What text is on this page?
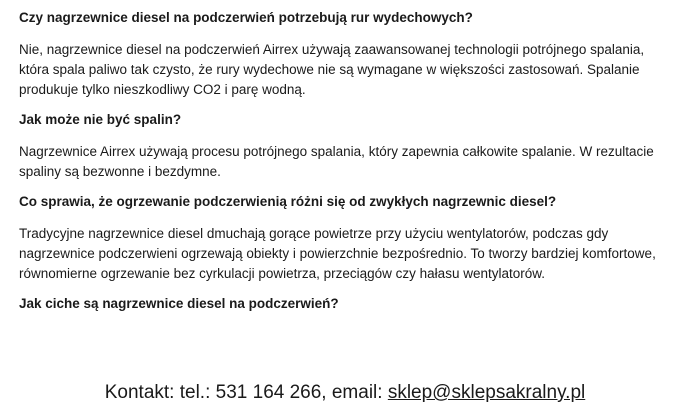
Czy nagrzewnice diesel na podczerwień potrzebują rur wydechowych?
Nie, nagrzewnice diesel na podczerwień Airrex używają zaawansowanej technologii potrójnego spalania, która spala paliwo tak czysto, że rury wydechowe nie są wymagane w większości zastosowań. Spalanie produkuje tylko nieszkodliwy CO2 i parę wodną.
Jak może nie być spalin?
Nagrzewnice Airrex używają procesu potrójnego spalania, który zapewnia całkowite spalanie. W rezultacie spaliny są bezwonne i bezdymne.
Co sprawia, że ogrzewanie podczerwienią różni się od zwykłych nagrzewnic diesel?
Tradycyjne nagrzewnice diesel dmuchają gorące powietrze przy użyciu wentylatorów, podczas gdy nagrzewnice podczerwieni ogrzewają obiekty i powierzchnie bezpośrednio. To tworzy bardziej komfortowe, równomierne ogrzewanie bez cyrkulacji powietrza, przeciągów czy hałasu wentylatorów.
Jak ciche są nagrzewnice diesel na podczerwień?
Kontakt: tel.: 531 164 266, email: sklep@sklepsakralny.pl
